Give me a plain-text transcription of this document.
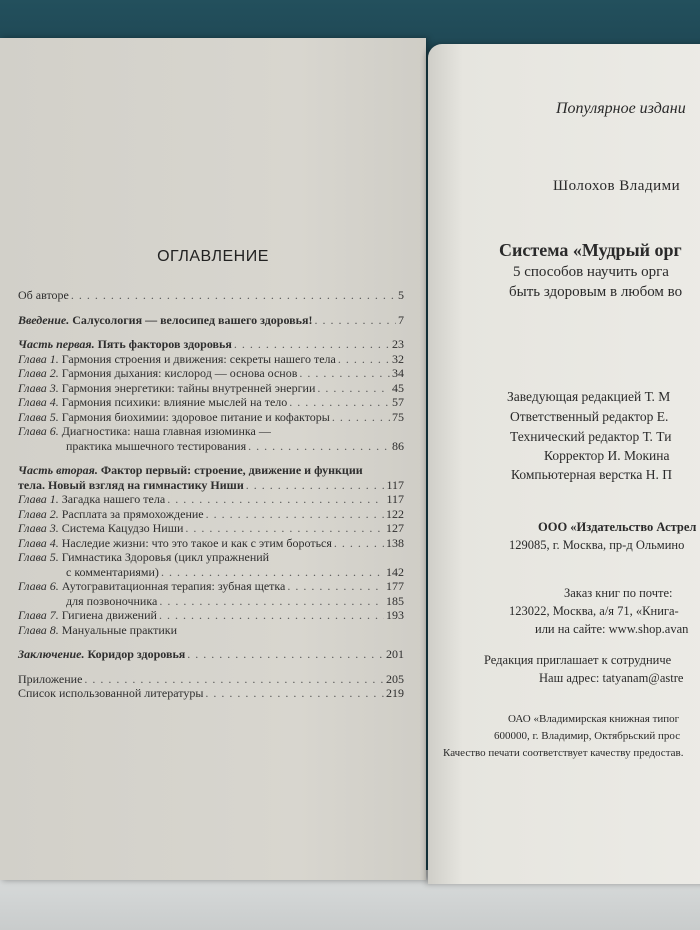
ОГЛАВЛЕНИЕ
Об авторе . . .	5
Введение. Салусология — велосипед вашего здоровья! . . .	7
Часть первая. Пять факторов здоровья . . .	23
Глава 1. Гармония строения и движения: секреты нашего тела . . .	32
Глава 2. Гармония дыхания: кислород — основа основ . . .	34
Глава 3. Гармония энергетики: тайны внутренней энергии . . .	45
Глава 4. Гармония психики: влияние мыслей на тело . . .	57
Глава 5. Гармония биохимии: здоровое питание и кофакторы . . .	75
Глава 6. Диагностика: наша главная изюминка —
практика мышечного тестирования . . .	86
Часть вторая. Фактор первый: строение, движение и функции
тела. Новый взгляд на гимнастику Ниши . . .	117
Глава 1. Загадка нашего тела . . .	117
Глава 2. Расплата за прямохождение . . .	122
Глава 3. Система Кацудзо Ниши . . .	127
Глава 4. Наследие жизни: что это такое и как с этим бороться . . .	138
Глава 5. Гимнастика Здоровья (цикл упражнений
с комментариями) . . .	142
Глава 6. Аутогравитационная терапия: зубная щетка . . .	177
для позвоночника . . .	185
Глава 7. Гигиена движений . . .	193
Глава 8. Мануальные практики
Заключение. Коридор здоровья . . .	201
Приложение . . .	205
Список использованной литературы . . .	219
Популярное издани
Шолохов Владими
Система «Мудрый орг
5 способов научить орга
быть здоровым в любом во
Заведующая редакцией Т. М
Ответственный редактор Е.
Технический редактор Т. Ти
Корректор И. Мокина
Компьютерная верстка Н. П
ООО «Издательство Астрел
129085, г. Москва, пр-д Ольмино
Заказ книг по почте:
123022, Москва, а/я 71, «Книга-
или на сайте: www.shop.avan
Редакция приглашает к сотрудниче
Наш адрес: tatyanam@astre
ОАО «Владимирская книжная типог
600000, г. Владимир, Октябрьский прос
Качество печати соответствует качеству предостав.
